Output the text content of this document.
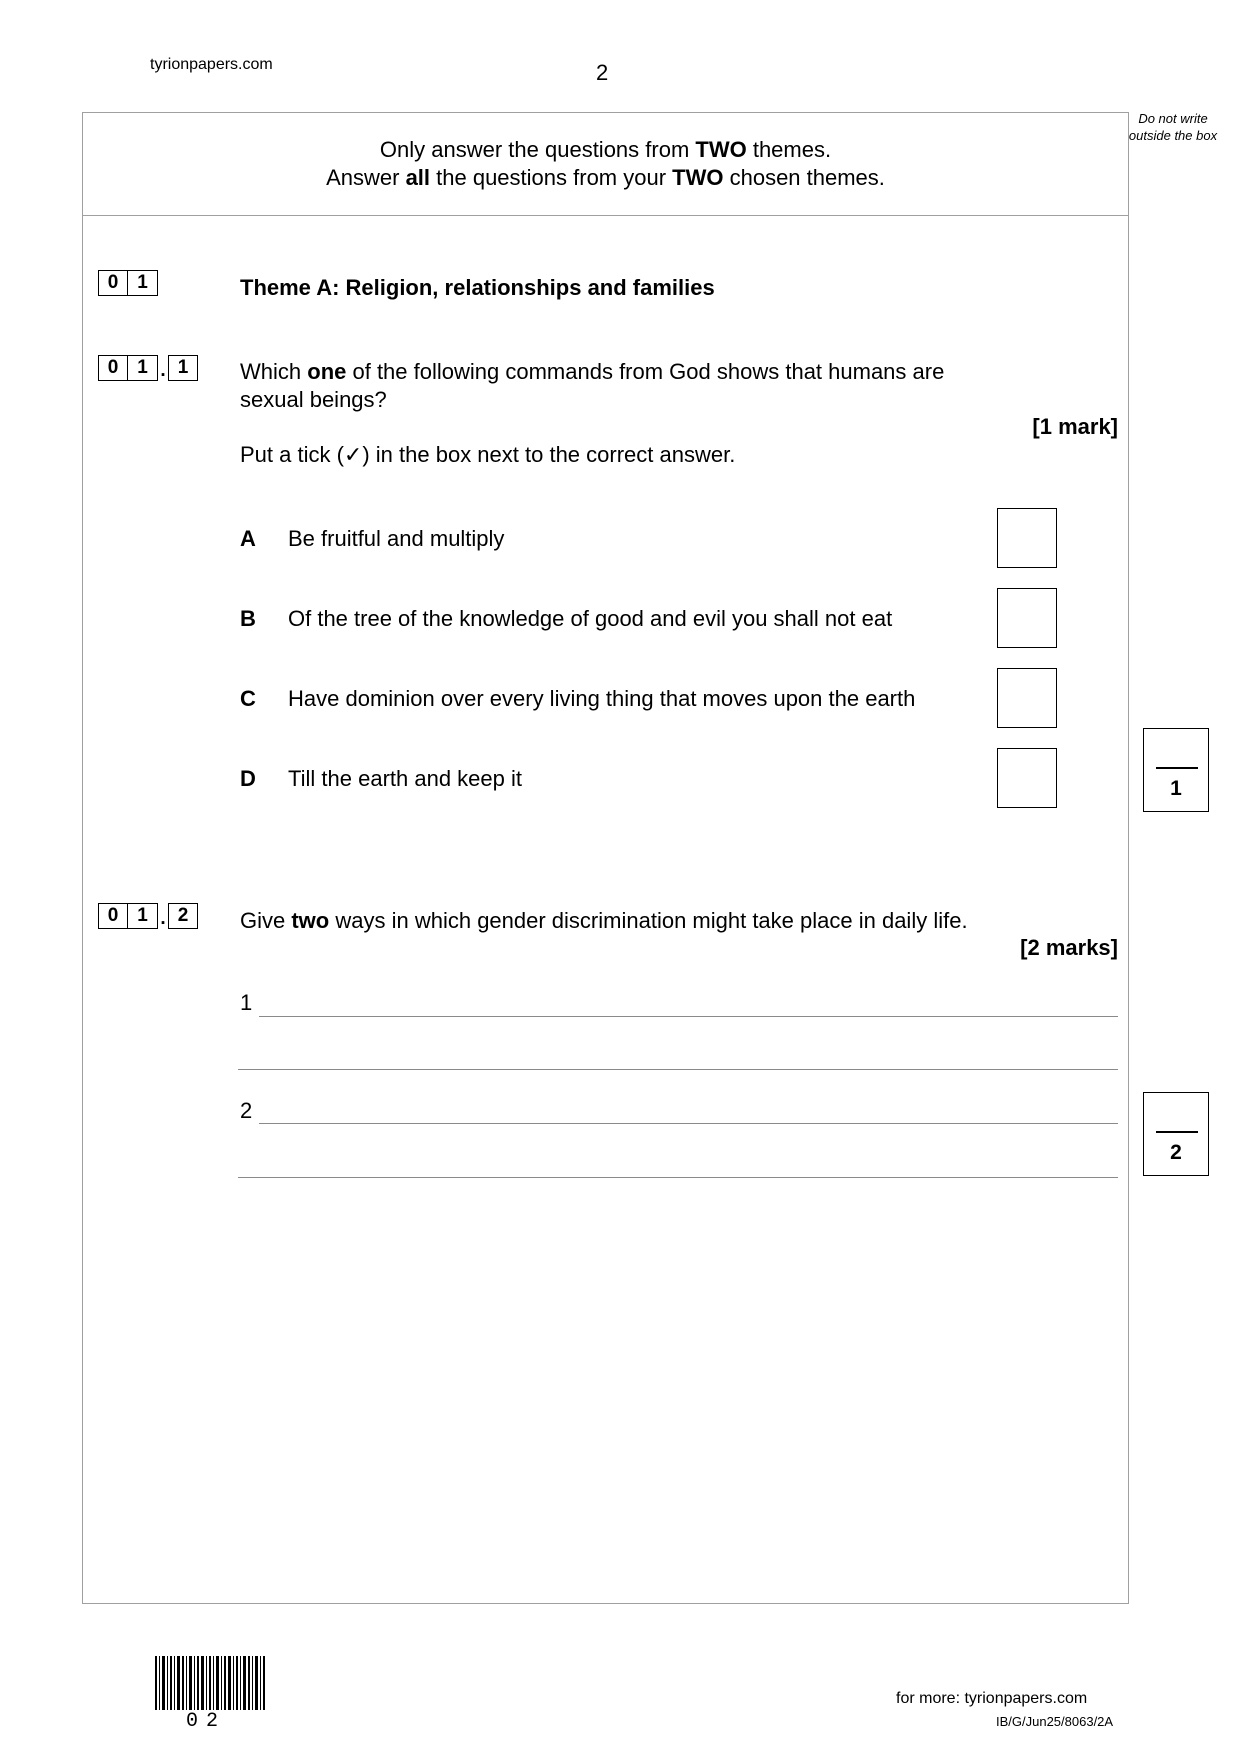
tyrionpapers.com	2
Do not write outside the box
Only answer the questions from TWO themes.
Answer all the questions from your TWO chosen themes.
0 1	Theme A: Religion, relationships and families
0 1 . 1	Which one of the following commands from God shows that humans are
sexual beings?
[1 mark]
Put a tick (✓) in the box next to the correct answer.
A Be fruitful and multiply
B Of the tree of the knowledge of good and evil you shall not eat
C Have dominion over every living thing that moves upon the earth
D Till the earth and keep it	1
0 1 . 2	Give two ways in which gender discrimination might take place in daily life.
[2 marks]
1
2
2
02
for more: tyrionpapers.com
IB/G/Jun25/8063/2A
